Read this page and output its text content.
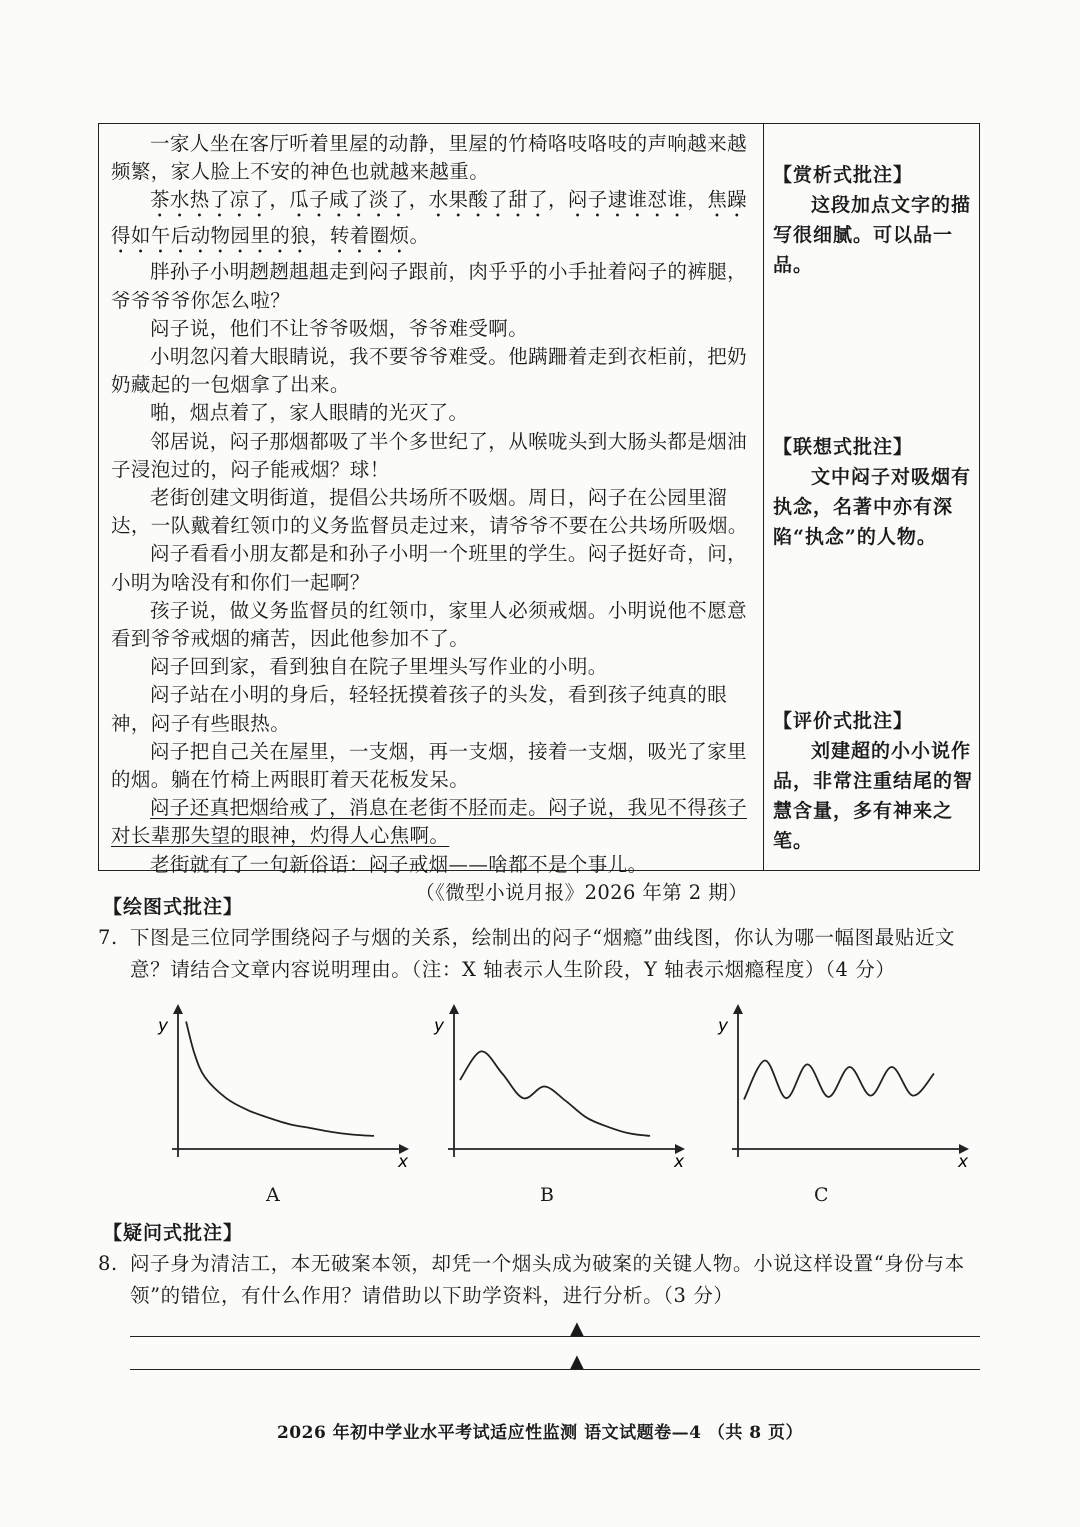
一家人坐在客厅听着里屋的动静，里屋的竹椅咯吱咯吱的声响越来越频繁，家人脸上不安的神色也就越来越重。

茶水热了凉了，瓜子咸了淡了，水果酸了甜了，闷子逮谁怼谁，焦躁得如午后动物园里的狼，转着圈烦。

胖孙子小明趔趔趄趄走到闷子跟前，肉乎乎的小手扯着闷子的裤腿，爷爷爷爷你怎么啦？

闷子说，他们不让爷爷吸烟，爷爷难受啊。

小明忽闪着大眼睛说，我不要爷爷难受。他蹒跚着走到衣柜前，把奶奶藏起的一包烟拿了出来。

啪，烟点着了，家人眼睛的光灭了。

邻居说，闷子那烟都吸了半个多世纪了，从喉咙头到大肠头都是烟油子浸泡过的，闷子能戒烟？球！

老街创建文明街道，提倡公共场所不吸烟。周日，闷子在公园里溜达，一队戴着红领巾的义务监督员走过来，请爷爷不要在公共场所吸烟。

闷子看看小朋友都是和孙子小明一个班里的学生。闷子挺好奇，问，小明为啥没有和你们一起啊？

孩子说，做义务监督员的红领巾，家里人必须戒烟。小明说他不愿意看到爷爷戒烟的痛苦，因此他参加不了。

闷子回到家，看到独自在院子里埋头写作业的小明。

闷子站在小明的身后，轻轻抚摸着孩子的头发，看到孩子纯真的眼神，闷子有些眼热。

闷子把自己关在屋里，一支烟，再一支烟，接着一支烟，吸光了家里的烟。躺在竹椅上两眼盯着天花板发呆。

闷子还真把烟给戒了，消息在老街不胫而走。闷子说，我见不得孩子对长辈那失望的眼神，灼得人心焦啊。

老街就有了一句新俗语：闷子戒烟——啥都不是个事儿。

（《微型小说月报》2026 年第 2 期）

【赏析式批注】
这段加点文字的描写很细腻。可以品一品。
【联想式批注】
文中闷子对吸烟有执念，名著中亦有深陷“执念”的人物。
【评价式批注】
刘建超的小小说作品，非常注重结尾的智慧含量，多有神来之笔。
【绘图式批注】
7. 下图是三位同学围绕闷子与烟的关系，绘制出的闷子“烟瘾”曲线图，你认为哪一幅图最贴近文意？请结合文章内容说明理由。（注：X 轴表示人生阶段，Y 轴表示烟瘾程度）（4 分）
y
x
y
x
y
x
A	B	C
【疑问式批注】
8. 闷子身为清洁工，本无破案本领，却凭一个烟头成为破案的关键人物。小说这样设置“身份与本领”的错位，有什么作用？请借助以下助学资料，进行分析。（3 分）
▲
▲
2026 年初中学业水平考试适应性监测 语文试题卷—4 （共 8 页）
